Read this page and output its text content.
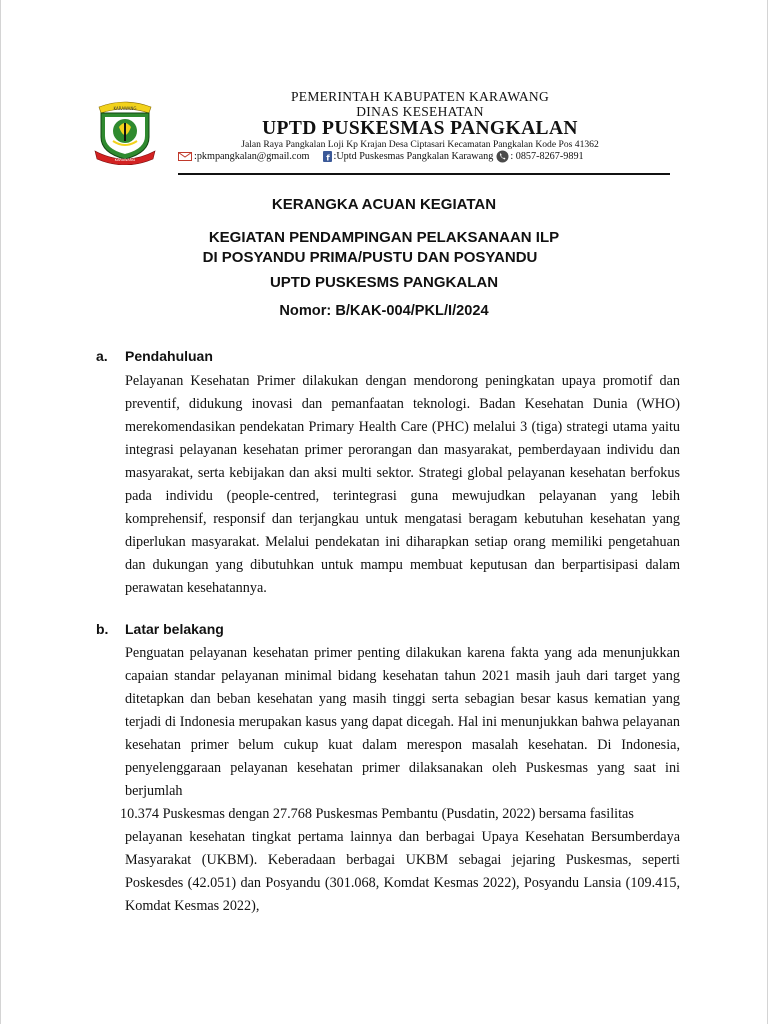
KARAWANG
KARAWANG
PEMERINTAH KABUPATEN KARAWANG
DINAS KESEHATAN
UPTD PUSKESMAS PANGKALAN
Jalan Raya Pangkalan Loji Kp Krajan Desa Ciptasari Kecamatan Pangkalan Kode Pos 41362
:pkmpangkalan@gmail.com f :Uptd Puskesmas Pangkalan Karawang : 0857-8267-9891
KERANGKA ACUAN KEGIATAN
KEGIATAN PENDAMPINGAN PELAKSANAAN ILP
DI POSYANDU PRIMA/PUSTU DAN POSYANDU
UPTD PUSKESMS PANGKALAN
Nomor: B/KAK-004/PKL/I/2024
a.	Pendahuluan

Pelayanan Kesehatan Primer dilakukan dengan mendorong peningkatan upaya promotif dan preventif, didukung inovasi dan pemanfaatan teknologi. Badan Kesehatan Dunia (WHO) merekomendasikan pendekatan Primary Health Care (PHC) melalui 3 (tiga) strategi utama yaitu integrasi pelayanan kesehatan primer perorangan dan masyarakat, pemberdayaan individu dan masyarakat, serta kebijakan dan aksi multi sektor. Strategi global pelayanan kesehatan berfokus pada individu (people-centred, terintegrasi guna mewujudkan pelayanan yang lebih komprehensif, responsif dan terjangkau untuk mengatasi beragam kebutuhan kesehatan yang diperlukan masyarakat. Melalui pendekatan ini diharapkan setiap orang memiliki pengetahuan dan dukungan yang dibutuhkan untuk mampu membuat keputusan dan berpartisipasi dalam perawatan kesehatannya.

b.	Latar belakang

Penguatan pelayanan kesehatan primer penting dilakukan karena fakta yang ada menunjukkan capaian standar pelayanan minimal bidang kesehatan tahun 2021 masih jauh dari target yang ditetapkan dan beban kesehatan yang masih tinggi serta sebagian besar kasus kematian yang terjadi di Indonesia merupakan kasus yang dapat dicegah. Hal ini menunjukkan bahwa pelayanan kesehatan primer belum cukup kuat dalam merespon masalah kesehatan. Di Indonesia, penyelenggaraan pelayanan kesehatan primer dilaksanakan oleh Puskesmas yang saat ini berjumlah

10.374 Puskesmas dengan 27.768 Puskesmas Pembantu (Pusdatin, 2022) bersama fasilitas

pelayanan kesehatan tingkat pertama lainnya dan berbagai Upaya Kesehatan Bersumberdaya Masyarakat (UKBM). Keberadaan berbagai UKBM sebagai jejaring Puskesmas, seperti Poskesdes (42.051) dan Posyandu (301.068, Komdat Kesmas 2022), Posyandu Lansia (109.415, Komdat Kesmas 2022),
